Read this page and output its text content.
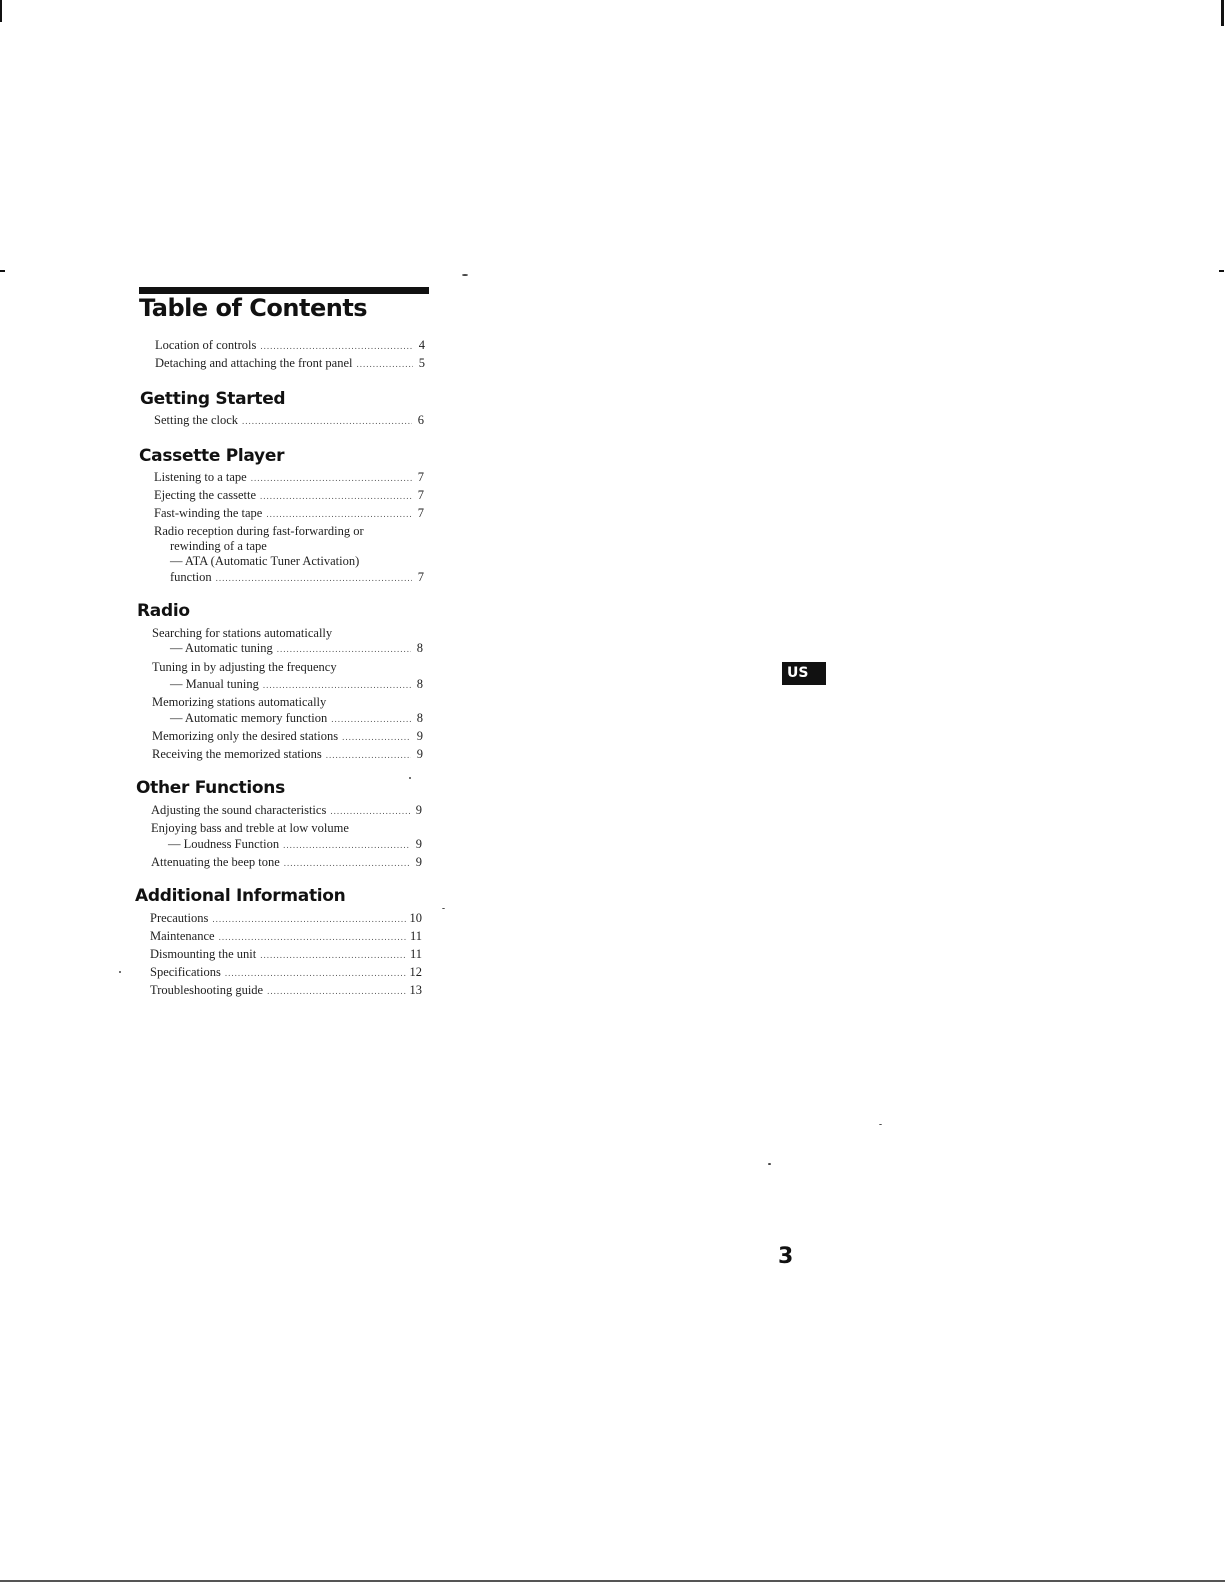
Table of Contents
Location of controls .....	4
Detaching and attaching the front panel .....	5
Getting Started
Setting the clock .....	6
Cassette Player
Listening to a tape .....	7
Ejecting the cassette .....	7
Fast-winding the tape .....	7
Radio reception during fast-forwarding or
rewinding of a tape
— ATA (Automatic Tuner Activation)
function .....	7
Radio
Searching for stations automatically
— Automatic tuning .....	8
Tuning in by adjusting the frequency
— Manual tuning .....	8
Memorizing stations automatically
— Automatic memory function .....	8
Memorizing only the desired stations .....	9
Receiving the memorized stations .....	9
Other Functions
Adjusting the sound characteristics .....	9
Enjoying bass and treble at low volume
— Loudness Function .....	9
Attenuating the beep tone .....	9
Additional Information
Precautions .....	10
Maintenance .....	11
Dismounting the unit .....	11
Specifications .....	12
Troubleshooting guide .....	13
US
3
